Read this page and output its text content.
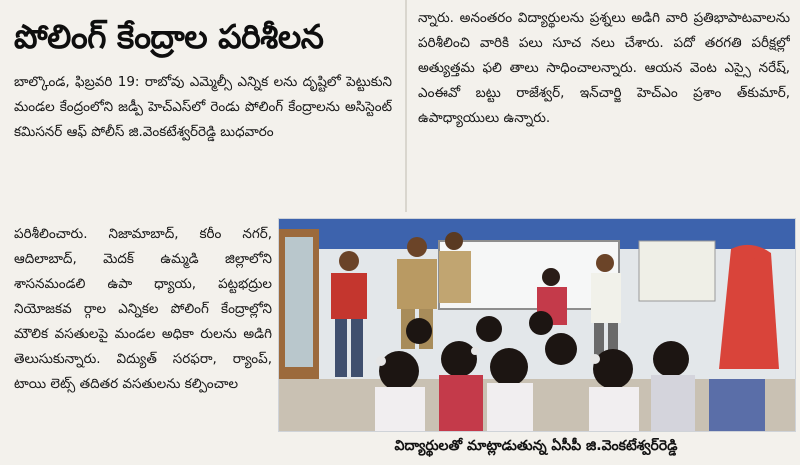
పోలింగ్ కేంద్రాల పరిశీలన
బాల్కొండ, ఫిబ్రవరి 19: రాబోవు ఎమ్మెల్సీ ఎన్నిక లను దృష్టిలో పెట్టుకుని మండల కేంద్రంలోని జడ్పీ హెచ్ఎస్‌లో రెండు పోలింగ్ కేంద్రాలను అసిస్టెంట్ కమిసనర్ ఆఫ్ పోలీస్ జి.వెంకటేశ్వర్‌రెడ్డి బుధవారం
పరిశీలించారు. నిజామాబాద్, కరీం నగర్, ఆదిలాబాద్, మెదక్ ఉమ్మడి జిల్లాలోని శాసనమండలి ఉపా ధ్యాయ, పట్టభద్రుల నియోజకవ ర్గాల ఎన్నికల పోలింగ్ కేంద్రాల్లోని మౌలిక వసతులపై మండల అధికా రులను అడిగి తెలుసుకున్నారు. విద్యుత్ సరఫరా, ర్యాంప్, టాయి లెట్స్ తదితర వసతులను కల్పించాల
న్నారు. అనంతరం విద్యార్థులను ప్రశ్నలు అడిగి వారి ప్రతిభాపాటవాలను పరిశీలించి వారికి పలు సూచ నలు చేశారు. పదో తరగతి పరీక్షల్లో అత్యుత్తమ ఫలి తాలు సాధించాలన్నారు. ఆయన వెంట ఎస్సై నరేష్, ఎంఈవో బట్టు రాజేశ్వర్, ఇన్‌చార్జి హెచ్ఎం ప్రశాం త్‌కుమార్, ఉపాధ్యాయులు ఉన్నారు.
విద్యార్థులతో మాట్లాడుతున్న ఏసీపీ జి.వెంకటేశ్వర్‌రెడ్డి
